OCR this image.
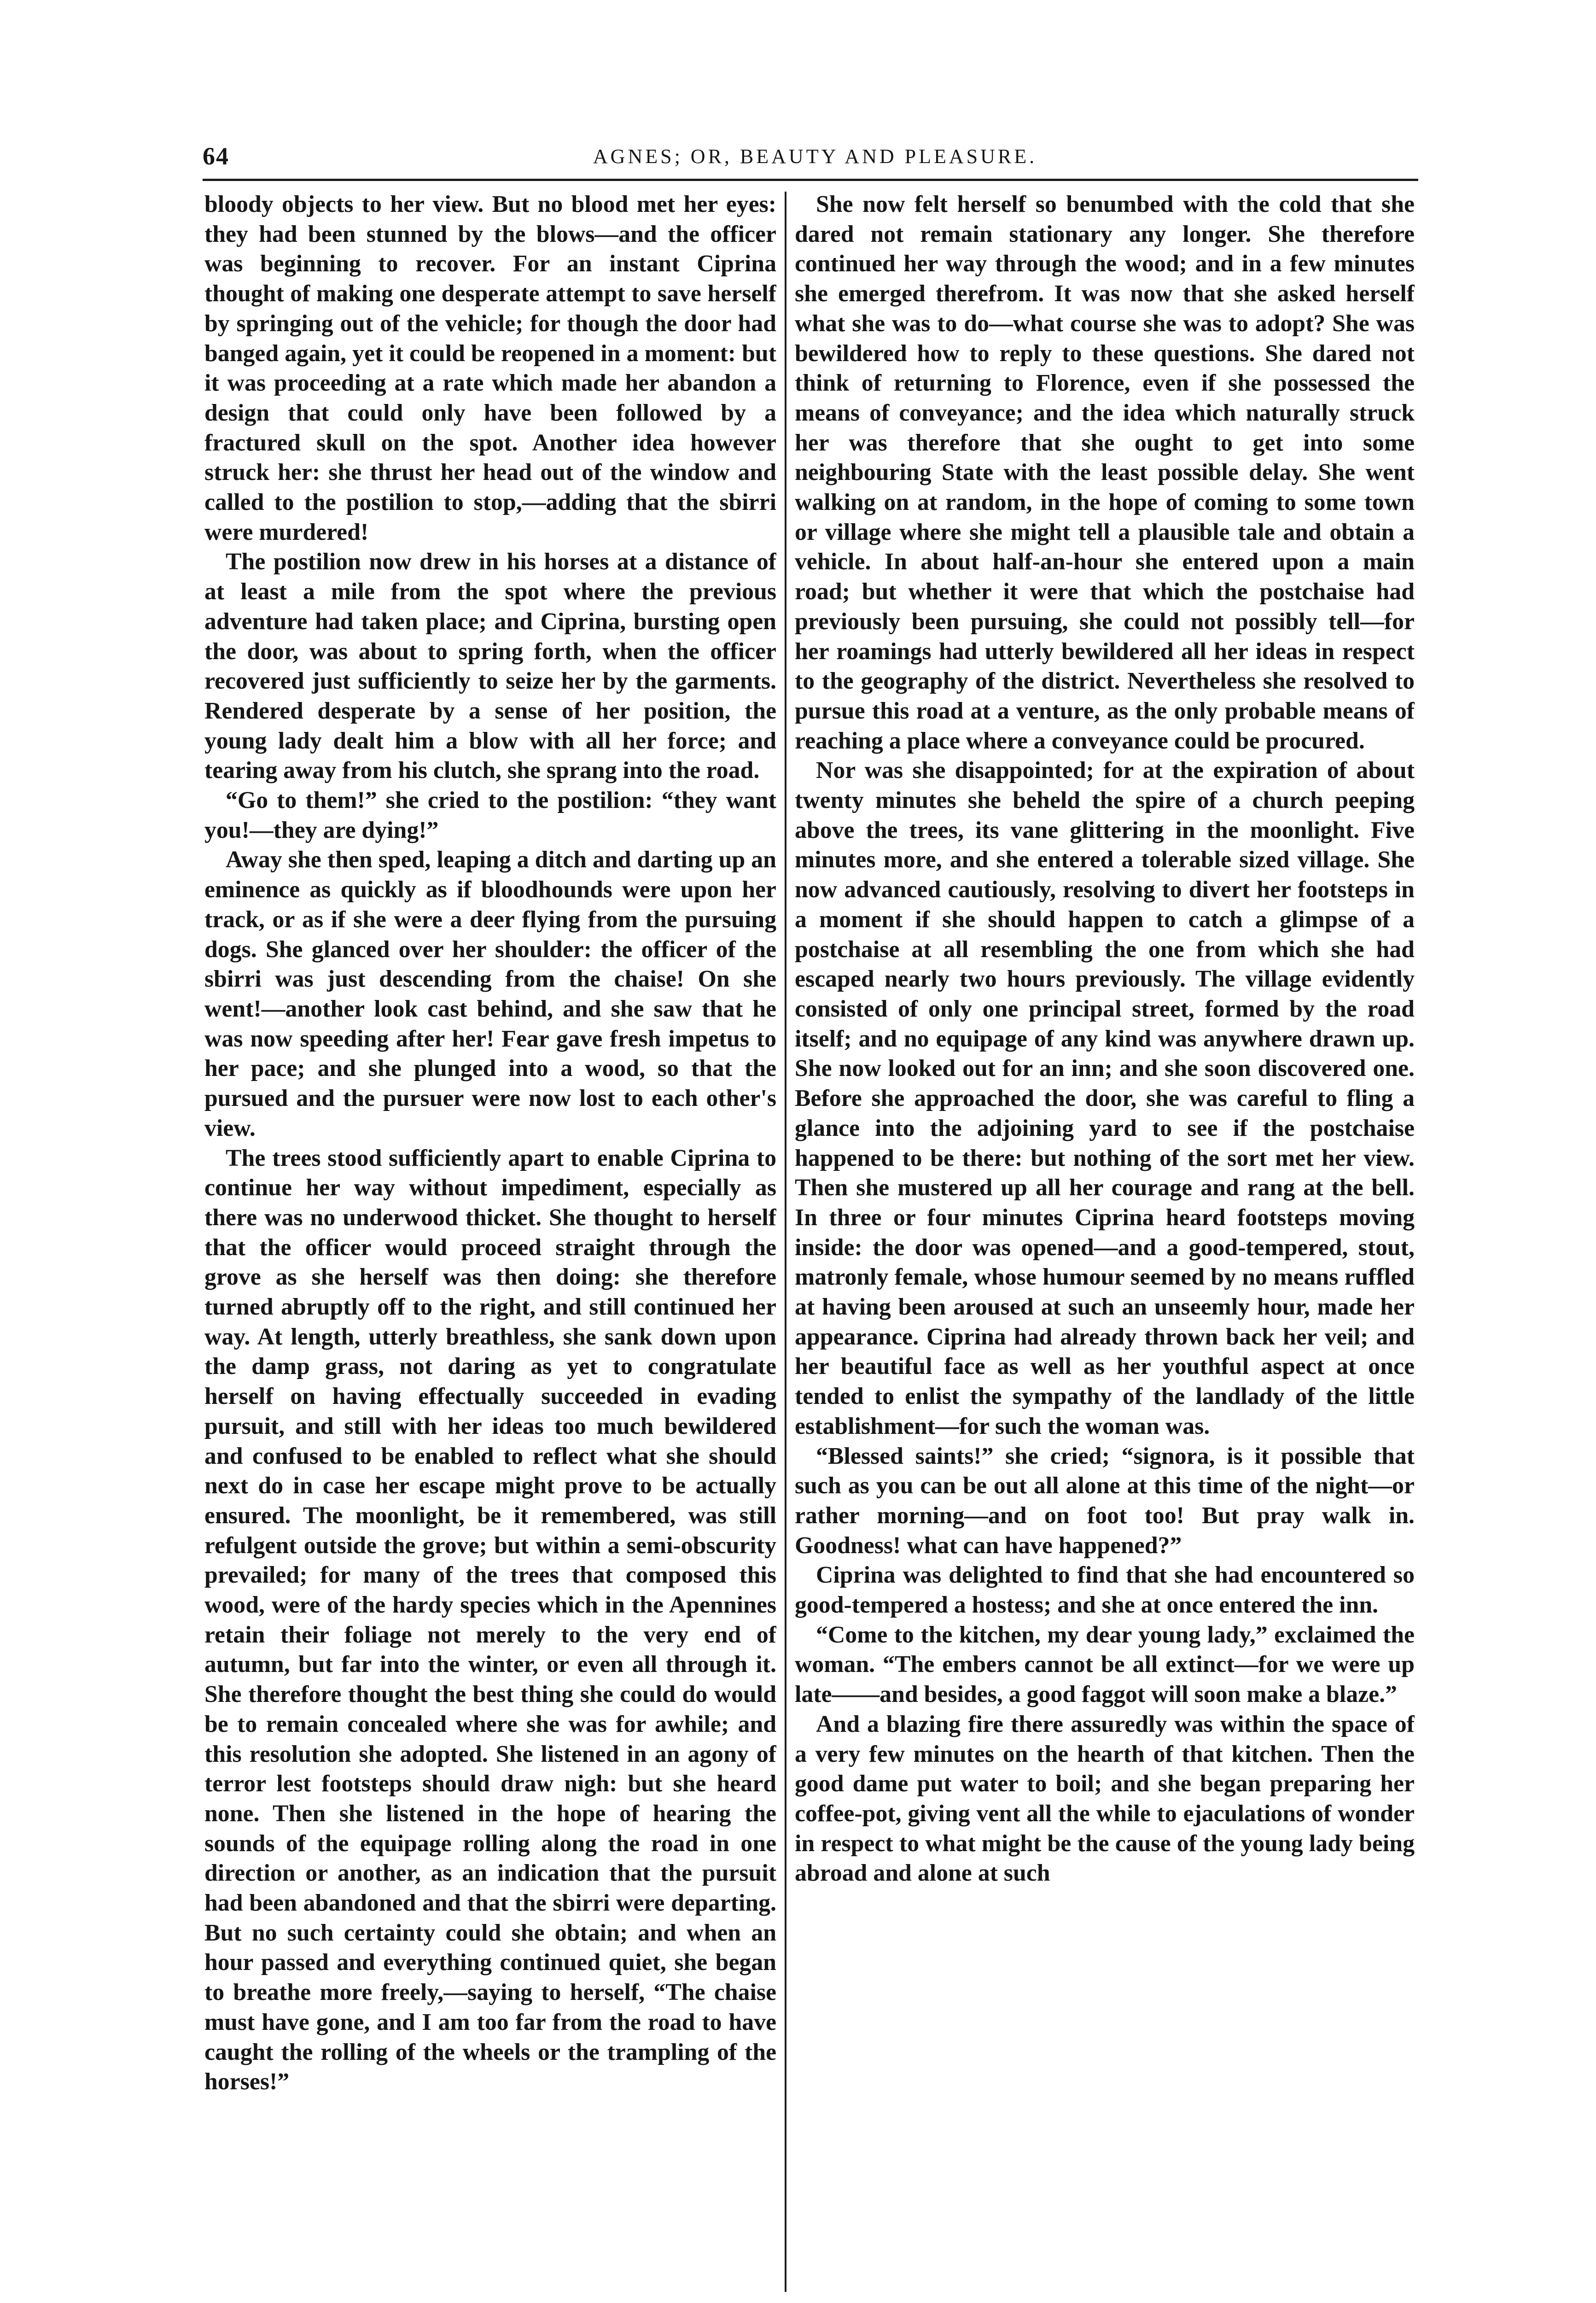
64	AGNES; OR, BEAUTY AND PLEASURE.

bloody objects to her view. But no blood met her eyes: they had been stunned by the blows—and the officer was beginning to recover. For an instant Ciprina thought of making one desperate attempt to save herself by springing out of the vehicle; for though the door had banged again, yet it could be reopened in a moment: but it was proceeding at a rate which made her abandon a design that could only have been followed by a fractured skull on the spot. Another idea however struck her: she thrust her head out of the window and called to the postilion to stop,—adding that the sbirri were murdered!

The postilion now drew in his horses at a distance of at least a mile from the spot where the previous adventure had taken place; and Ciprina, bursting open the door, was about to spring forth, when the officer recovered just sufficiently to seize her by the garments. Rendered desperate by a sense of her position, the young lady dealt him a blow with all her force; and tearing away from his clutch, she sprang into the road.

“Go to them!” she cried to the postilion: “they want you!—they are dying!”

Away she then sped, leaping a ditch and darting up an eminence as quickly as if bloodhounds were upon her track, or as if she were a deer flying from the pursuing dogs. She glanced over her shoulder: the officer of the sbirri was just descending from the chaise! On she went!—another look cast behind, and she saw that he was now speeding after her! Fear gave fresh impetus to her pace; and she plunged into a wood, so that the pursued and the pursuer were now lost to each other's view.

The trees stood sufficiently apart to enable Ciprina to continue her way without impediment, especially as there was no underwood thicket. She thought to herself that the officer would proceed straight through the grove as she herself was then doing: she therefore turned abruptly off to the right, and still continued her way. At length, utterly breathless, she sank down upon the damp grass, not daring as yet to congratulate herself on having effectually succeeded in evading pursuit, and still with her ideas too much bewildered and confused to be enabled to reflect what she should next do in case her escape might prove to be actually ensured. The moonlight, be it remembered, was still refulgent outside the grove; but within a semi-obscurity prevailed; for many of the trees that composed this wood, were of the hardy species which in the Apennines retain their foliage not merely to the very end of autumn, but far into the winter, or even all through it. She therefore thought the best thing she could do would be to remain concealed where she was for awhile; and this resolution she adopted. She listened in an agony of terror lest footsteps should draw nigh: but she heard none. Then she listened in the hope of hearing the sounds of the equipage rolling along the road in one direction or another, as an indication that the pursuit had been abandoned and that the sbirri were departing. But no such certainty could she obtain; and when an hour passed and everything continued quiet, she began to breathe more freely,—saying to herself, “The chaise must have gone, and I am too far from the road to have caught the rolling of the wheels or the trampling of the horses!”

She now felt herself so benumbed with the cold that she dared not remain stationary any longer. She therefore continued her way through the wood; and in a few minutes she emerged therefrom. It was now that she asked herself what she was to do—what course she was to adopt? She was bewildered how to reply to these questions. She dared not think of returning to Florence, even if she possessed the means of conveyance; and the idea which naturally struck her was therefore that she ought to get into some neighbouring State with the least possible delay. She went walking on at random, in the hope of coming to some town or village where she might tell a plausible tale and obtain a vehicle. In about half-an-hour she entered upon a main road; but whether it were that which the postchaise had previously been pursuing, she could not possibly tell—for her roamings had utterly bewildered all her ideas in respect to the geography of the district. Nevertheless she resolved to pursue this road at a venture, as the only probable means of reaching a place where a conveyance could be procured.

Nor was she disappointed; for at the expiration of about twenty minutes she beheld the spire of a church peeping above the trees, its vane glittering in the moonlight. Five minutes more, and she entered a tolerable sized village. She now advanced cautiously, resolving to divert her footsteps in a moment if she should happen to catch a glimpse of a postchaise at all resembling the one from which she had escaped nearly two hours previously. The village evidently consisted of only one principal street, formed by the road itself; and no equipage of any kind was anywhere drawn up. She now looked out for an inn; and she soon discovered one. Before she approached the door, she was careful to fling a glance into the adjoining yard to see if the postchaise happened to be there: but nothing of the sort met her view. Then she mustered up all her courage and rang at the bell. In three or four minutes Ciprina heard footsteps moving inside: the door was opened—and a good-tempered, stout, matronly female, whose humour seemed by no means ruffled at having been aroused at such an unseemly hour, made her appearance. Ciprina had already thrown back her veil; and her beautiful face as well as her youthful aspect at once tended to enlist the sympathy of the landlady of the little establishment—for such the woman was.

“Blessed saints!” she cried; “signora, is it possible that such as you can be out all alone at this time of the night—or rather morning—and on foot too! But pray walk in. Goodness! what can have happened?”

Ciprina was delighted to find that she had encountered so good-tempered a hostess; and she at once entered the inn.

“Come to the kitchen, my dear young lady,” exclaimed the woman. “The embers cannot be all extinct—for we were up late——and besides, a good faggot will soon make a blaze.”

And a blazing fire there assuredly was within the space of a very few minutes on the hearth of that kitchen. Then the good dame put water to boil; and she began preparing her coffee-pot, giving vent all the while to ejaculations of wonder in respect to what might be the cause of the young lady being abroad and alone at such
